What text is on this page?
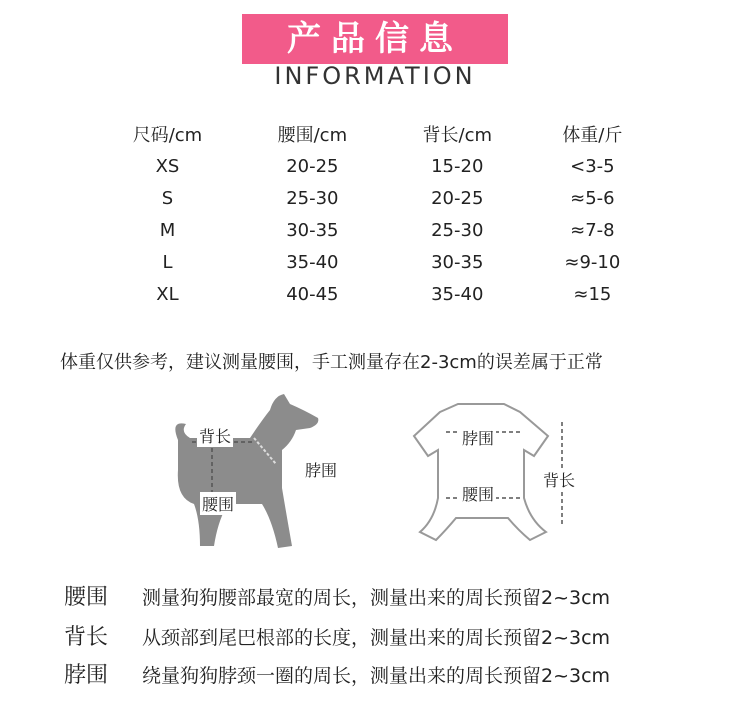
产品信息
INFORMATION
尺码/cm	腰围/cm	背长/cm	体重/斤
XS	20-25	15-20	<3-5
S	25-30	20-25	≈5-6
M	30-35	25-30	≈7-8
L	35-40	30-35	≈9-10
XL	40-45	35-40	≈15
体重仅供参考，建议测量腰围，手工测量存在2-3cm的误差属于正常
背长
脖围
腰围
脖围
腰围
背长
腰围 测量狗狗腰部最宽的周长，测量出来的周长预留2~3cm
背长 从颈部到尾巴根部的长度，测量出来的周长预留2~3cm
脖围 绕量狗狗脖颈一圈的周长，测量出来的周长预留2~3cm
